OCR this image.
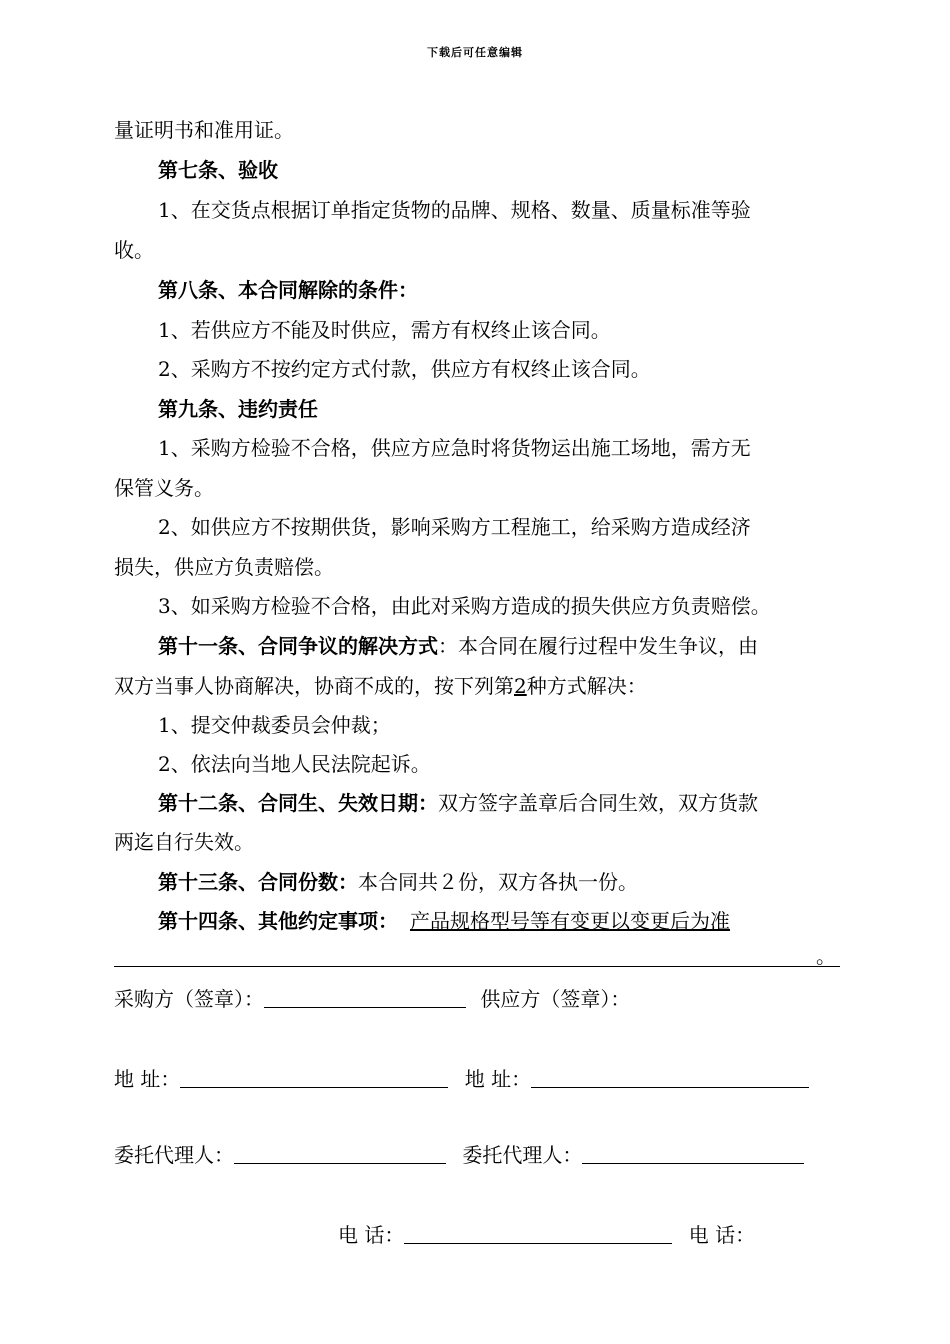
下载后可任意编辑
量证明书和准用证。
第七条、验收
1、在交货点根据订单指定货物的品牌、规格、数量、质量标准等验
收。
第八条、本合同解除的条件：
1、若供应方不能及时供应，需方有权终止该合同。
2、采购方不按约定方式付款，供应方有权终止该合同。
第九条、违约责任
1、采购方检验不合格，供应方应急时将货物运出施工场地，需方无
保管义务。
2、如供应方不按期供货，影响采购方工程施工，给采购方造成经济
损失，供应方负责赔偿。
3、如采购方检验不合格，由此对采购方造成的损失供应方负责赔偿。
第十一条、合同争议的解决方式：本合同在履行过程中发生争议，由
双方当事人协商解决，协商不成的，按下列第2种方式解决：
1、提交仲裁委员会仲裁；
2、依法向当地人民法院起诉。
第十二条、合同生、失效日期：双方签字盖章后合同生效，双方货款
两迄自行失效。
第十三条、合同份数：本合同共２份，双方各执一份。
第十四条、其他约定事项： 产品规格型号等有变更以变更后为准
。
采购方（签章）：	供应方（签章）：
地 址：	地 址：
委托代理人：	委托代理人：
电 话：	电 话：
